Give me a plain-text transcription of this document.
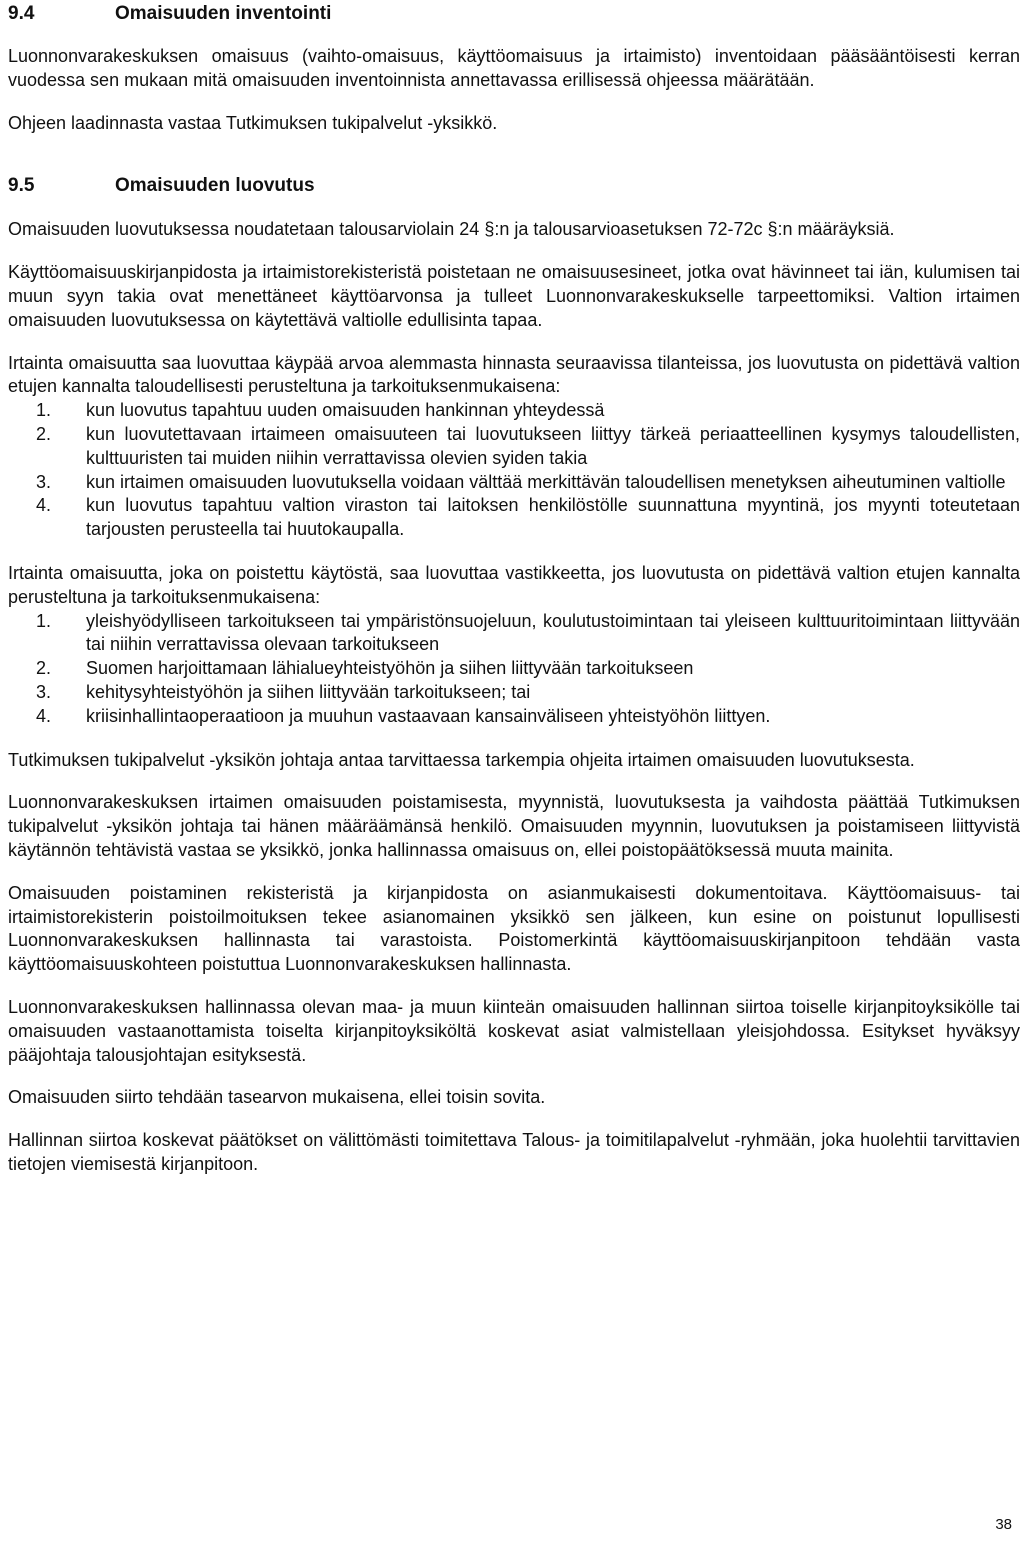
9.4	Omaisuuden inventointi

Luonnonvarakeskuksen omaisuus (vaihto-omaisuus, käyttöomaisuus ja irtaimisto) inventoidaan pääsääntöisesti kerran vuodessa sen mukaan mitä omaisuuden inventoinnista annettavassa erillisessä ohjeessa määrätään.

Ohjeen laadinnasta vastaa Tutkimuksen tukipalvelut -yksikkö.

9.5	Omaisuuden luovutus

Omaisuuden luovutuksessa noudatetaan talousarviolain 24 §:n ja talousarvioasetuksen 72-72c §:n määräyksiä.

Käyttöomaisuuskirjanpidosta ja irtaimistorekisteristä poistetaan ne omaisuusesineet, jotka ovat hävinneet tai iän, kulumisen tai muun syyn takia ovat menettäneet käyttöarvonsa ja tulleet Luonnonvarakeskukselle tarpeettomiksi. Valtion irtaimen omaisuuden luovutuksessa on käytettävä valtiolle edullisinta tapaa.

Irtainta omaisuutta saa luovuttaa käypää arvoa alemmasta hinnasta seuraavissa tilanteissa, jos luovutusta on pidettävä valtion etujen kannalta taloudellisesti perusteltuna ja tarkoituksenmukaisena:

1.	kun luovutus tapahtuu uuden omaisuuden hankinnan yhteydessä
2.	kun luovutettavaan irtaimeen omaisuuteen tai luovutukseen liittyy tärkeä periaatteellinen kysymys taloudellisten, kulttuuristen tai muiden niihin verrattavissa olevien syiden takia
3.	kun irtaimen omaisuuden luovutuksella voidaan välttää merkittävän taloudellisen menetyksen aiheutuminen valtiolle
4.	kun luovutus tapahtuu valtion viraston tai laitoksen henkilöstölle suunnattuna myyntinä, jos myynti toteutetaan tarjousten perusteella tai huutokaupalla.

Irtainta omaisuutta, joka on poistettu käytöstä, saa luovuttaa vastikkeetta, jos luovutusta on pidettävä valtion etujen kannalta perusteltuna ja tarkoituksenmukaisena:

1.	yleishyödylliseen tarkoitukseen tai ympäristönsuojeluun, koulutustoimintaan tai yleiseen kulttuuritoimintaan liittyvään tai niihin verrattavissa olevaan tarkoitukseen
2.	Suomen harjoittamaan lähialueyhteistyöhön ja siihen liittyvään tarkoitukseen
3.	kehitysyhteistyöhön ja siihen liittyvään tarkoitukseen; tai
4.	kriisinhallintaoperaatioon ja muuhun vastaavaan kansainväliseen yhteistyöhön liittyen.

Tutkimuksen tukipalvelut -yksikön johtaja antaa tarvittaessa tarkempia ohjeita irtaimen omaisuuden luovutuksesta.

Luonnonvarakeskuksen irtaimen omaisuuden poistamisesta, myynnistä, luovutuksesta ja vaihdosta päättää Tutkimuksen tukipalvelut -yksikön johtaja tai hänen määräämänsä henkilö. Omaisuuden myynnin, luovutuksen ja poistamiseen liittyvistä käytännön tehtävistä vastaa se yksikkö, jonka hallinnassa omaisuus on, ellei poistopäätöksessä muuta mainita.

Omaisuuden poistaminen rekisteristä ja kirjanpidosta on asianmukaisesti dokumentoitava. Käyttöomaisuus- tai irtaimistorekisterin poistoilmoituksen tekee asianomainen yksikkö sen jälkeen, kun esine on poistunut lopullisesti Luonnonvarakeskuksen hallinnasta tai varastoista. Poistomerkintä käyttöomaisuuskirjanpitoon tehdään vasta käyttöomaisuuskohteen poistuttua Luonnonvarakeskuksen hallinnasta.

Luonnonvarakeskuksen hallinnassa olevan maa- ja muun kiinteän omaisuuden hallinnan siirtoa toiselle kirjanpitoyksikölle tai omaisuuden vastaanottamista toiselta kirjanpitoyksiköltä koskevat asiat valmistellaan yleisjohdossa. Esitykset hyväksyy pääjohtaja talousjohtajan esityksestä.

Omaisuuden siirto tehdään tasearvon mukaisena, ellei toisin sovita.

Hallinnan siirtoa koskevat päätökset on välittömästi toimitettava Talous- ja toimitilapalvelut -ryhmään, joka huolehtii tarvittavien tietojen viemisestä kirjanpitoon.

38
